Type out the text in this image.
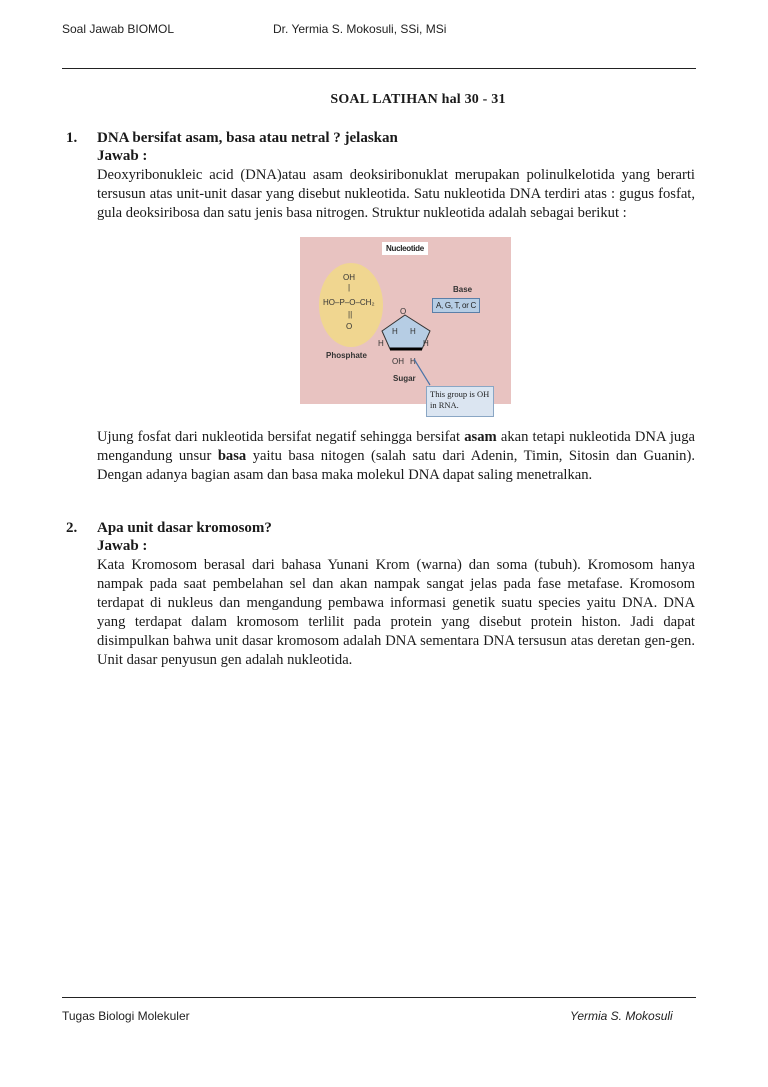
Soal Jawab BIOMOL	Dr. Yermia S. Mokosuli, SSi, MSi
SOAL LATIHAN hal 30 - 31
1. DNA bersifat asam, basa atau netral ? jelaskan
Jawab :
Deoxyribonukleic acid (DNA)atau asam deoksiribonuklat merupakan polinulkelotida yang berarti tersusun atas unit-unit dasar yang disebut nukleotida. Satu nukleotida DNA terdiri atas : gugus fosfat, gula deoksiribosa dan satu jenis basa nitrogen. Struktur nukleotida adalah sebagai berikut :
Nucleotide
OH
|
HO–P–O–CH₂
||
O
Phosphate
O
H H
H	H
OH H
Sugar
Base
A, G, T, or C
This group is OH in RNA.
Ujung fosfat dari nukleotida bersifat negatif sehingga bersifat asam akan tetapi nukleotida DNA juga mengandung unsur basa yaitu basa nitogen (salah satu dari Adenin, Timin, Sitosin dan Guanin). Dengan adanya bagian asam dan basa maka molekul DNA dapat saling menetralkan.
2. Apa unit dasar kromosom?
Jawab :
Kata Kromosom berasal dari bahasa Yunani Krom (warna) dan soma (tubuh). Kromosom hanya nampak pada saat pembelahan sel dan akan nampak sangat jelas pada fase metafase. Kromosom terdapat di nukleus dan mengandung pembawa informasi genetik suatu species yaitu DNA. DNA yang terdapat dalam kromosom terlilit pada protein yang disebut protein histon. Jadi dapat disimpulkan bahwa unit dasar kromosom adalah DNA sementara DNA tersusun atas deretan gen-gen. Unit dasar penyusun gen adalah nukleotida.
Tugas Biologi Molekuler	Yermia S. Mokosuli
